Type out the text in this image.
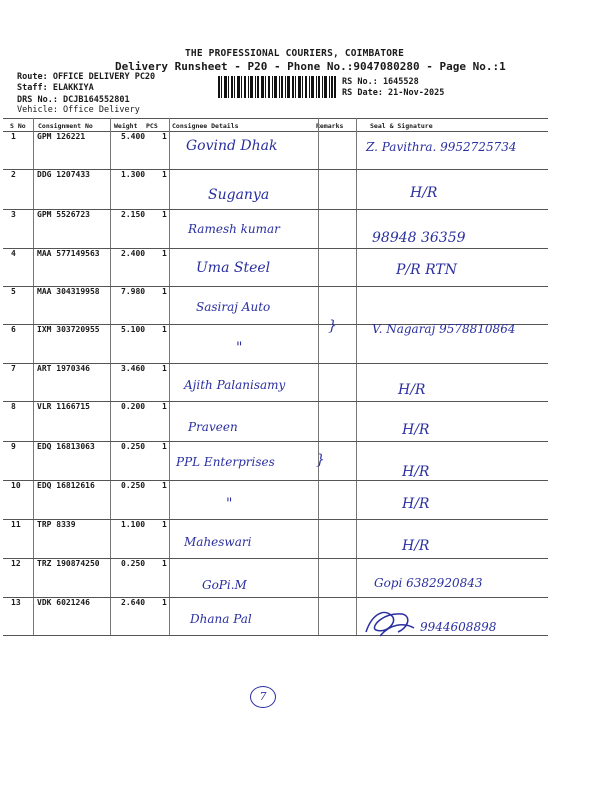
THE PROFESSIONAL COURIERS, COIMBATORE
Delivery Runsheet - P20 - Phone No.:9047080280 - Page No.:1
Route: OFFICE DELIVERY PC20
Staff: ELAKKIYA
DRS No.: DCJB164552801
Vehicle: Office Delivery
RS No.: 1645528
RS Date: 21-Nov-2025
S No Consignment No	Weight PCS Consignee Details	Remarks	Seal & Signature
1	GPM 126221	5.400 1
Govind Dhak	Z. Pavithra. 9952725734
2	DDG 1207433	1.300 1
Suganya	H/R
3	GPM 5526723	2.150 1
Ramesh kumar
98948 36359
4	MAA 577149563	2.400 1
Uma Steel	P/R RTN
5	MAA 304319958	7.980 1
Sasiraj Auto
}
6	IXM 303720955	5.100 1
"
V. Nagaraj 9578810864
7	ART 1970346	3.460 1
Ajith Palanisamy	H/R
8	VLR 1166715	0.200 1
Praveen	H/R
9	EDQ 16813063	0.250 1
PPL Enterprises	}
H/R
10 EDQ 16812616	0.250 1
"	H/R
11 TRP 8339	1.100 1
Maheswari	H/R
12 TRZ 190874250	0.250 1
GoPi.M	Gopi 6382920843
13 VDK 6021246	2.640 1
Dhana Pal
9944608898
7
